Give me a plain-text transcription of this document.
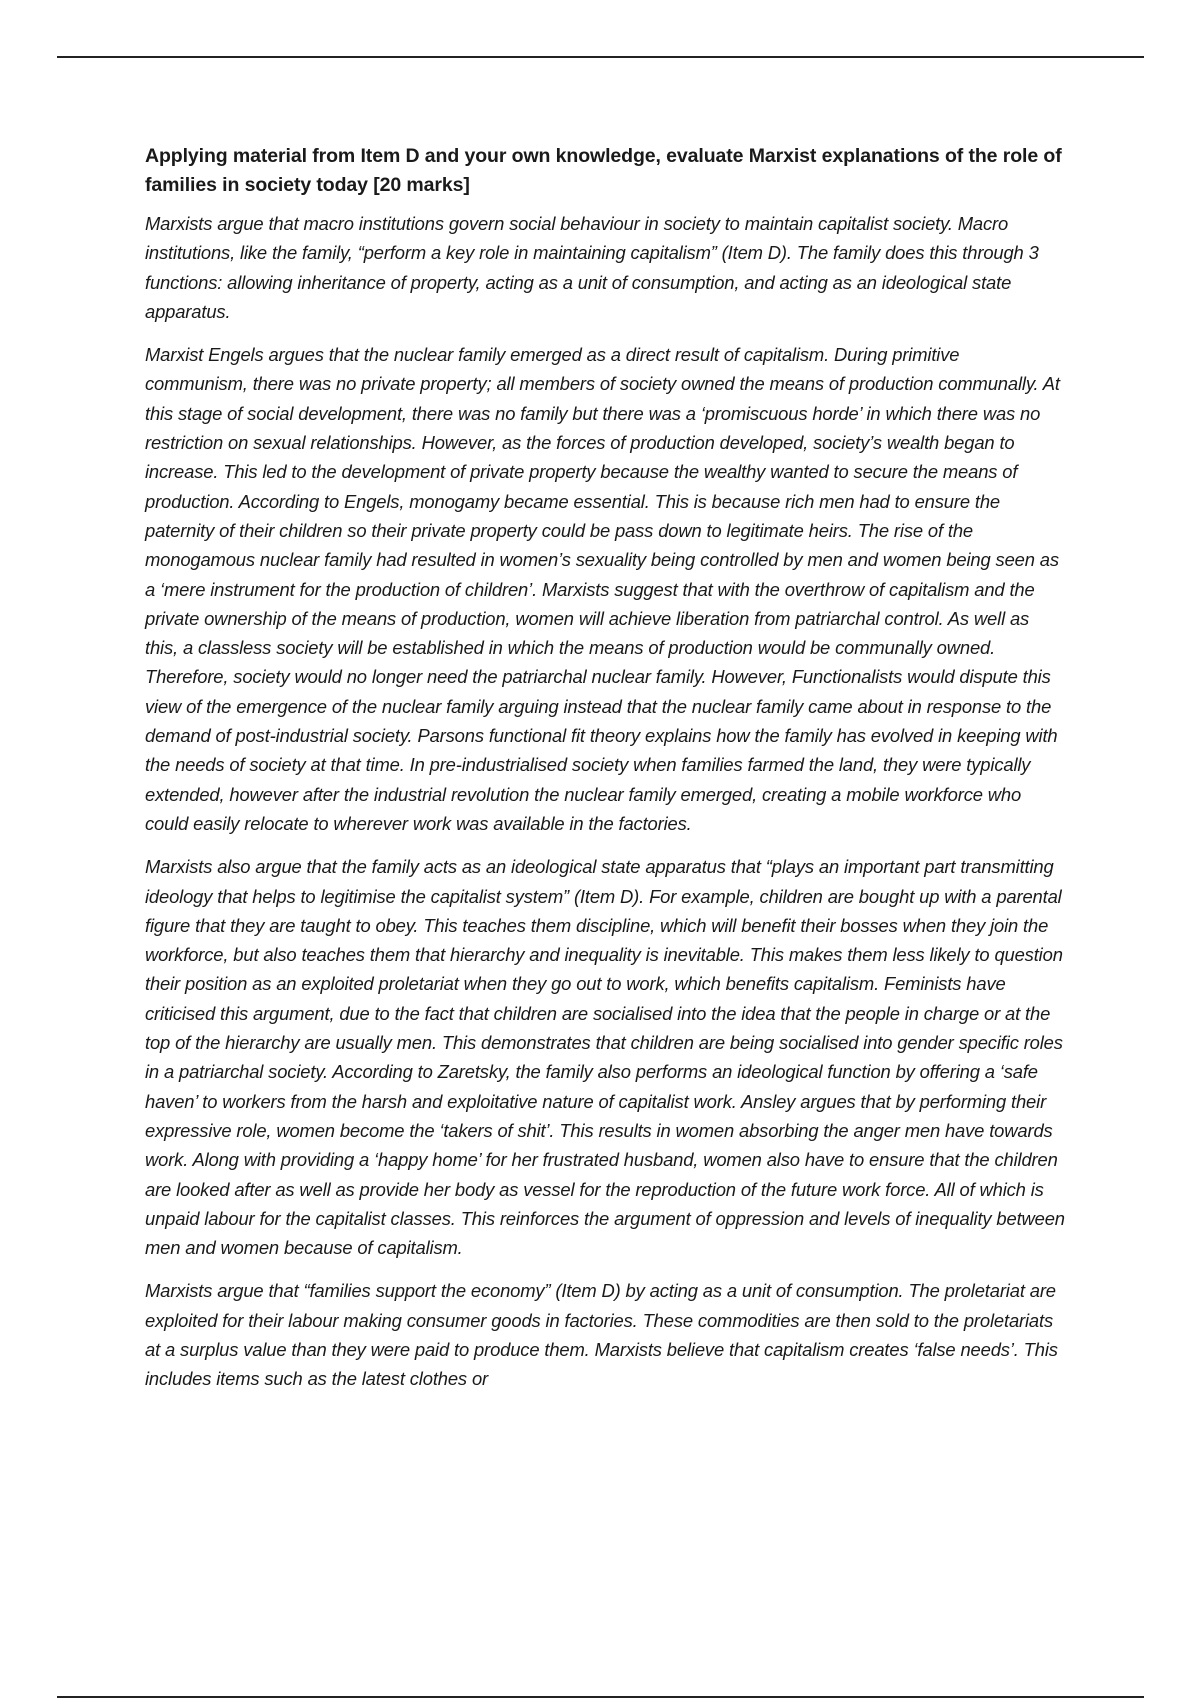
Applying material from Item D and your own knowledge, evaluate Marxist explanations of the role of families in society today [20 marks]

Marxists argue that macro institutions govern social behaviour in society to maintain capitalist society. Macro institutions, like the family, “perform a key role in maintaining capitalism” (Item D). The family does this through 3 functions: allowing inheritance of property, acting as a unit of consumption, and acting as an ideological state apparatus.

Marxist Engels argues that the nuclear family emerged as a direct result of capitalism. During primitive communism, there was no private property; all members of society owned the means of production communally. At this stage of social development, there was no family but there was a ‘promiscuous horde’ in which there was no restriction on sexual relationships. However, as the forces of production developed, society’s wealth began to increase. This led to the development of private property because the wealthy wanted to secure the means of production. According to Engels, monogamy became essential. This is because rich men had to ensure the paternity of their children so their private property could be pass down to legitimate heirs. The rise of the monogamous nuclear family had resulted in women’s sexuality being controlled by men and women being seen as a ‘mere instrument for the production of children’. Marxists suggest that with the overthrow of capitalism and the private ownership of the means of production, women will achieve liberation from patriarchal control. As well as this, a classless society will be established in which the means of production would be communally owned. Therefore, society would no longer need the patriarchal nuclear family. However, Functionalists would dispute this view of the emergence of the nuclear family arguing instead that the nuclear family came about in response to the demand of post-industrial society. Parsons functional fit theory explains how the family has evolved in keeping with the needs of society at that time. In pre-industrialised society when families farmed the land, they were typically extended, however after the industrial revolution the nuclear family emerged, creating a mobile workforce who could easily relocate to wherever work was available in the factories.

Marxists also argue that the family acts as an ideological state apparatus that “plays an important part transmitting ideology that helps to legitimise the capitalist system” (Item D). For example, children are bought up with a parental figure that they are taught to obey. This teaches them discipline, which will benefit their bosses when they join the workforce, but also teaches them that hierarchy and inequality is inevitable. This makes them less likely to question their position as an exploited proletariat when they go out to work, which benefits capitalism. Feminists have criticised this argument, due to the fact that children are socialised into the idea that the people in charge or at the top of the hierarchy are usually men. This demonstrates that children are being socialised into gender specific roles in a patriarchal society. According to Zaretsky, the family also performs an ideological function by offering a ‘safe haven’ to workers from the harsh and exploitative nature of capitalist work. Ansley argues that by performing their expressive role, women become the ‘takers of shit’. This results in women absorbing the anger men have towards work. Along with providing a ‘happy home’ for her frustrated husband, women also have to ensure that the children are looked after as well as provide her body as vessel for the reproduction of the future work force. All of which is unpaid labour for the capitalist classes. This reinforces the argument of oppression and levels of inequality between men and women because of capitalism.

Marxists argue that “families support the economy” (Item D) by acting as a unit of consumption. The proletariat are exploited for their labour making consumer goods in factories. These commodities are then sold to the proletariats at a surplus value than they were paid to produce them. Marxists believe that capitalism creates ‘false needs’. This includes items such as the latest clothes or
